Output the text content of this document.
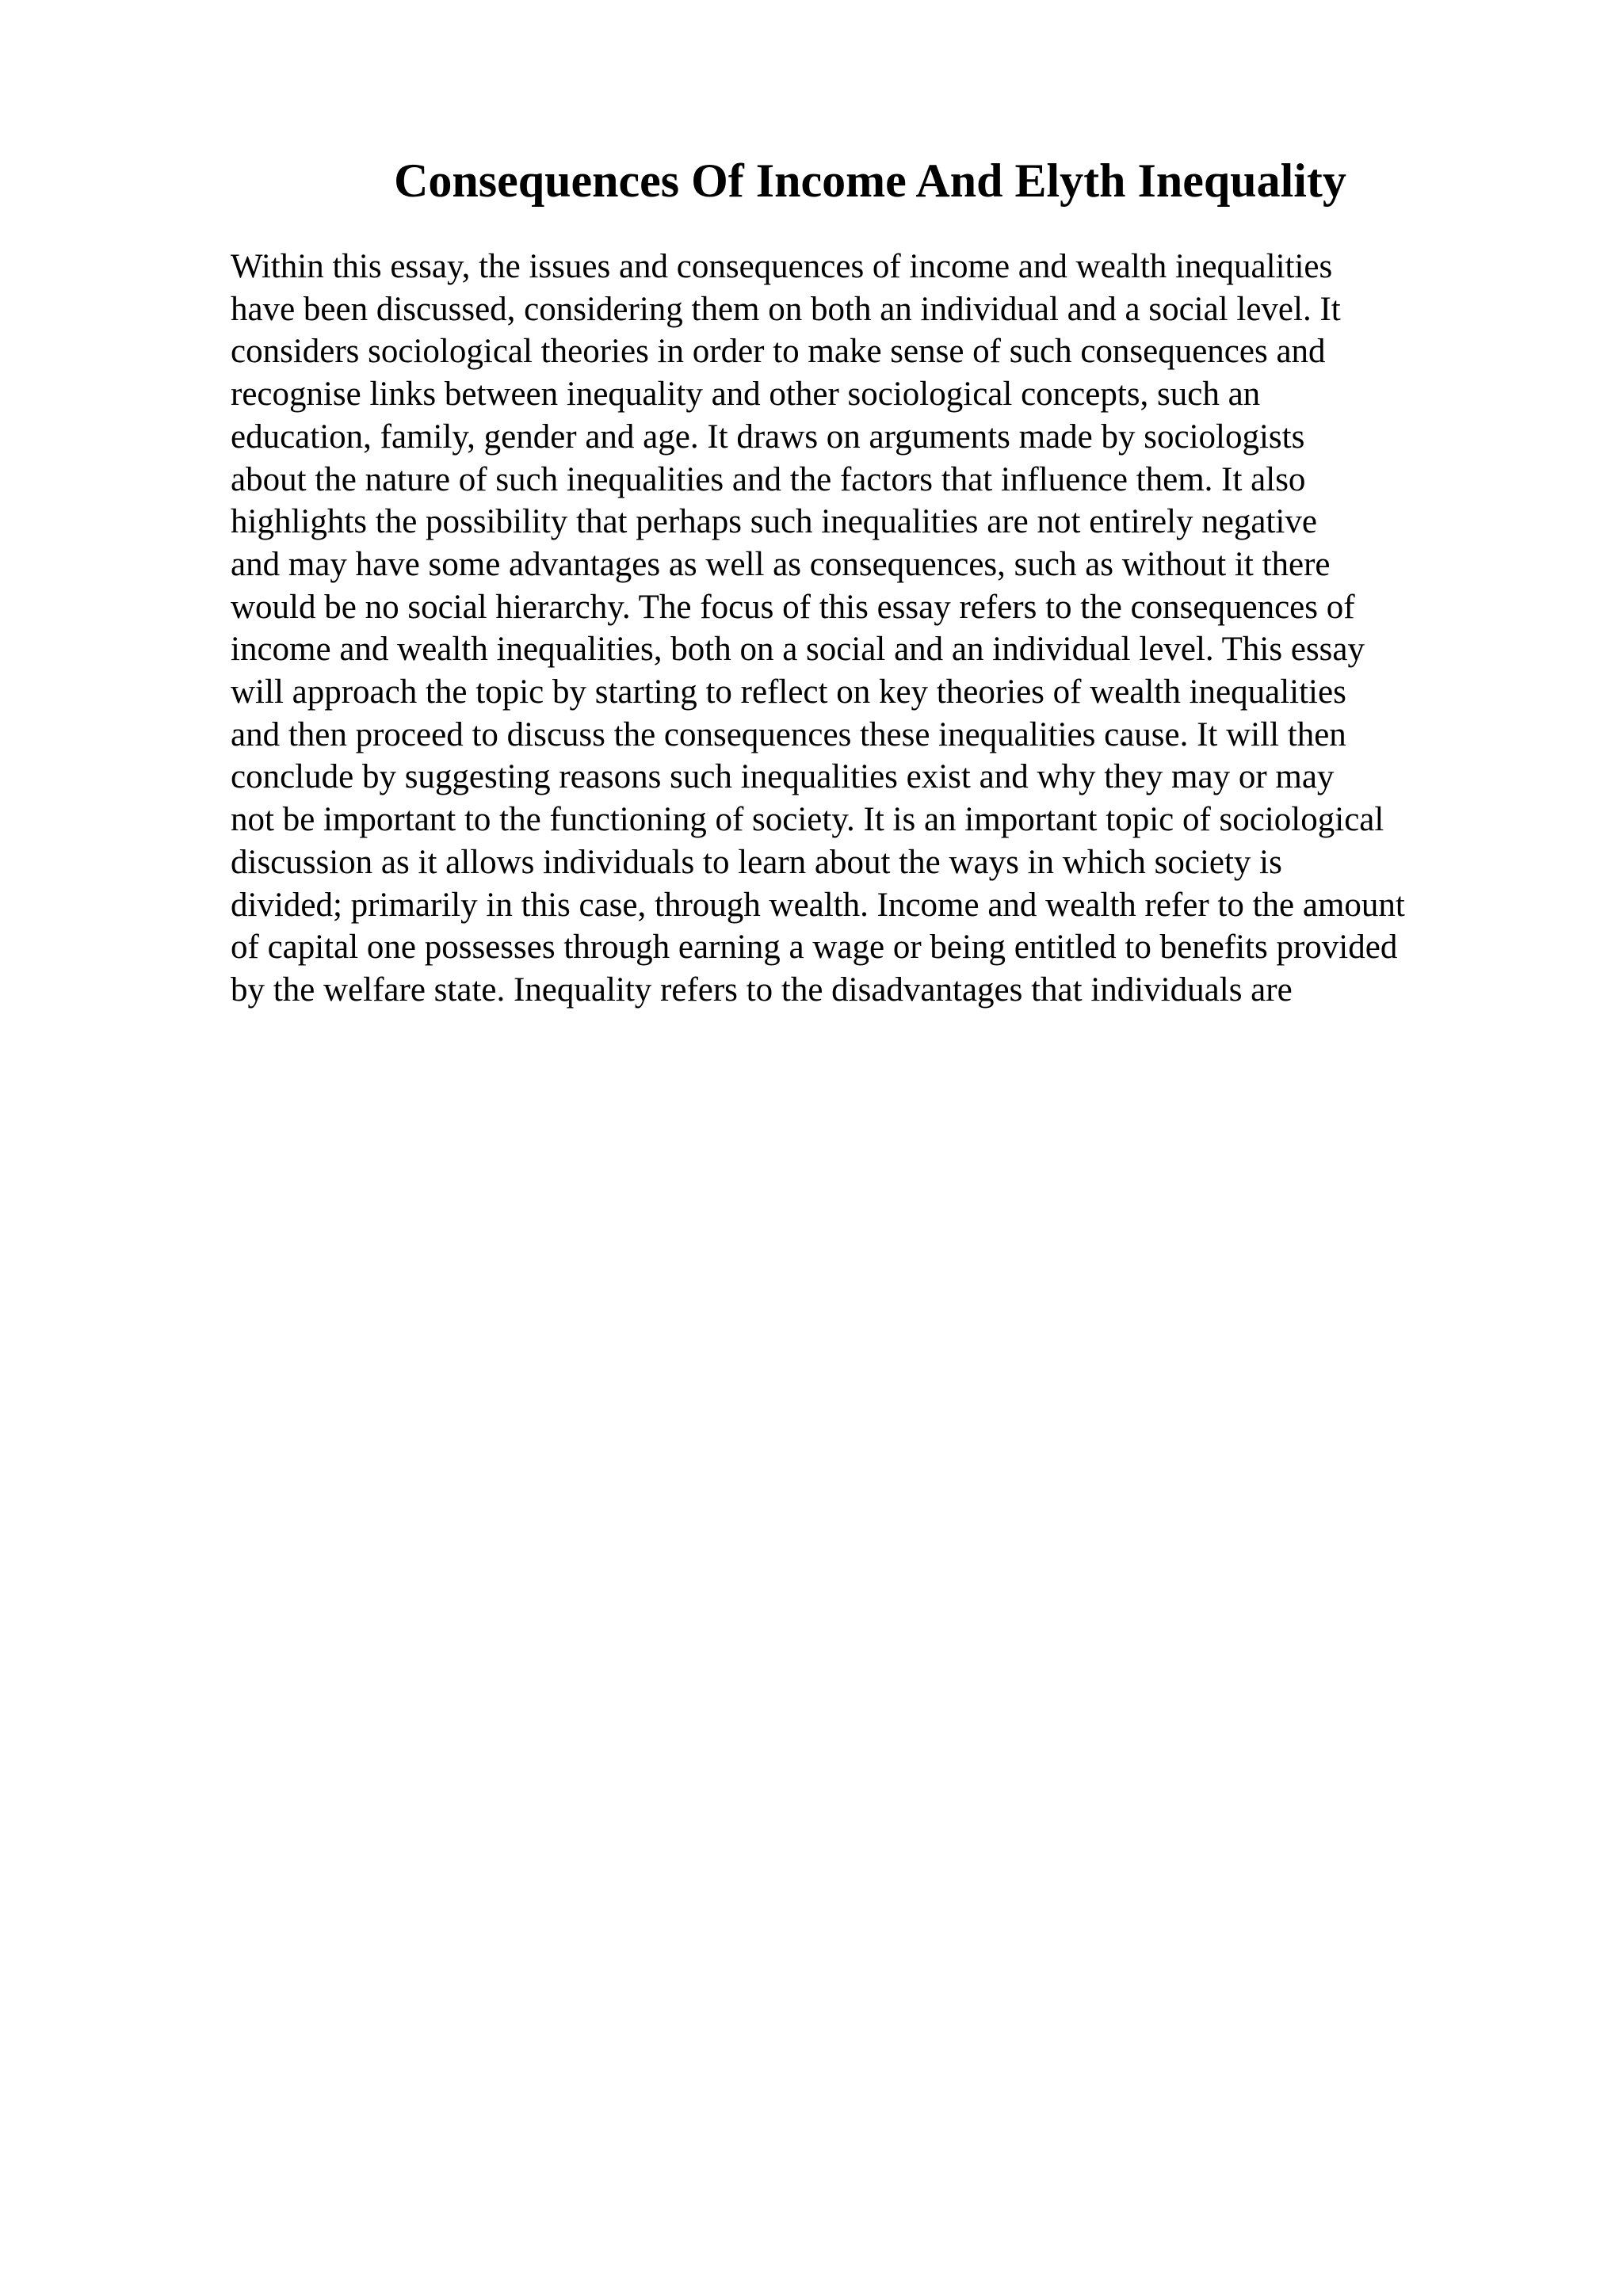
Consequences Of Income And Elyth Inequality
Within this essay, the issues and consequences of income and wealth inequalities
have been discussed, considering them on both an individual and a social level. It
considers sociological theories in order to make sense of such consequences and
recognise links between inequality and other sociological concepts, such an
education, family, gender and age. It draws on arguments made by sociologists
about the nature of such inequalities and the factors that influence them. It also
highlights the possibility that perhaps such inequalities are not entirely negative
and may have some advantages as well as consequences, such as without it there
would be no social hierarchy. The focus of this essay refers to the consequences of
income and wealth inequalities, both on a social and an individual level. This essay
will approach the topic by starting to reflect on key theories of wealth inequalities
and then proceed to discuss the consequences these inequalities cause. It will then
conclude by suggesting reasons such inequalities exist and why they may or may
not be important to the functioning of society. It is an important topic of sociological
discussion as it allows individuals to learn about the ways in which society is
divided; primarily in this case, through wealth. Income and wealth refer to the amount
of capital one possesses through earning a wage or being entitled to benefits provided
by the welfare state. Inequality refers to the disadvantages that individuals are
